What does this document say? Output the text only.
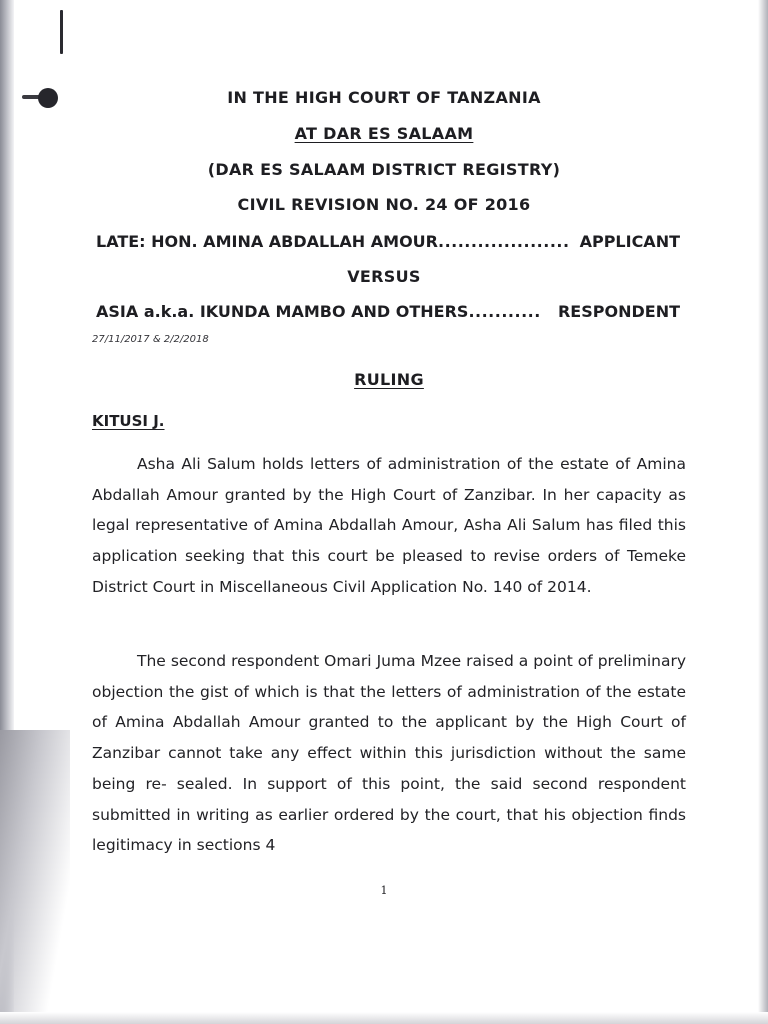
IN THE HIGH COURT OF TANZANIA
AT DAR ES SALAAM
(DAR ES SALAAM DISTRICT REGISTRY)
CIVIL REVISION NO. 24 OF 2016
LATE: HON. AMINA ABDALLAH AMOUR .................... APPLICANT
VERSUS
ASIA a.k.a. IKUNDA MAMBO AND OTHERS ...........	RESPONDENT
27/11/2017 & 2/2/2018
RULING
KITUSI J.

Asha Ali Salum holds letters of administration of the estate of Amina Abdallah Amour granted by the High Court of Zanzibar. In her capacity as legal representative of Amina Abdallah Amour, Asha Ali Salum has filed this application seeking that this court be pleased to revise orders of Temeke District Court in Miscellaneous Civil Application No. 140 of 2014.

The second respondent Omari Juma Mzee raised a point of preliminary objection the gist of which is that the letters of administration of the estate of Amina Abdallah Amour granted to the applicant by the High Court of Zanzibar cannot take any effect within this jurisdiction without the same being re- sealed. In support of this point, the said second respondent submitted in writing as earlier ordered by the court, that his objection finds legitimacy in sections 4

1
